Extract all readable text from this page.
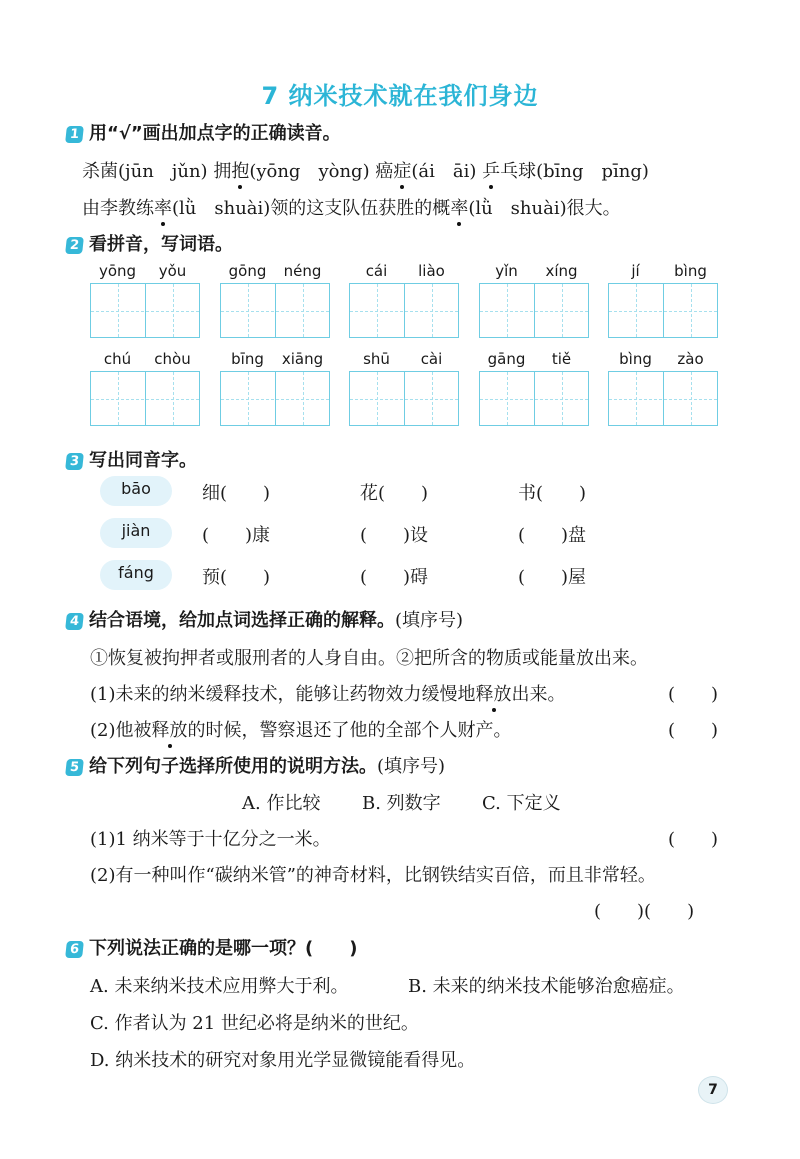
7 纳米技术就在我们身边
1 用“√”画出加点字的正确读音。
杀菌(jūn　jǔn) 拥抱(yōng　yòng) 癌症(ái　āi) 乒乓球(bīng　pīng)
由李教练率(lǜ　shuài)领的这支队伍获胜的概率(lǜ　shuài)很大。
2 看拼音，写词语。
yōng	yǒu	gōng	néng	cái	liào	yǐn	xíng	jí	bìng
chú	chòu	bīng	xiāng	shū	cài	gāng	tiě	bìng	zào
3 写出同音字。
bāo	细(　　)	花(　　)	书(　　)
jiàn	(　　)康	(　　)设	(　　)盘
fáng	预(　　)	(　　)碍	(　　)屋
4 结合语境，给加点词选择正确的解释。(填序号)
①恢复被拘押者或服刑者的人身自由。②把所含的物质或能量放出来。
(1)未来的纳米缓释技术，能够让药物效力缓慢地释放出来。	(　　)
(2)他被释放的时候，警察退还了他的全部个人财产。	(　　)
5 给下列句子选择所使用的说明方法。(填序号)
A. 作比较 B. 列数字 C. 下定义
(1)1 纳米等于十亿分之一米。	(　　)
(2)有一种叫作“碳纳米管”的神奇材料，比钢铁结实百倍，而且非常轻。
(　　)(　　)
6 下列说法正确的是哪一项？(　　)
A. 未来纳米技术应用弊大于利。	B. 未来的纳米技术能够治愈癌症。
C. 作者认为 21 世纪必将是纳米的世纪。
D. 纳米技术的研究对象用光学显微镜能看得见。
7
